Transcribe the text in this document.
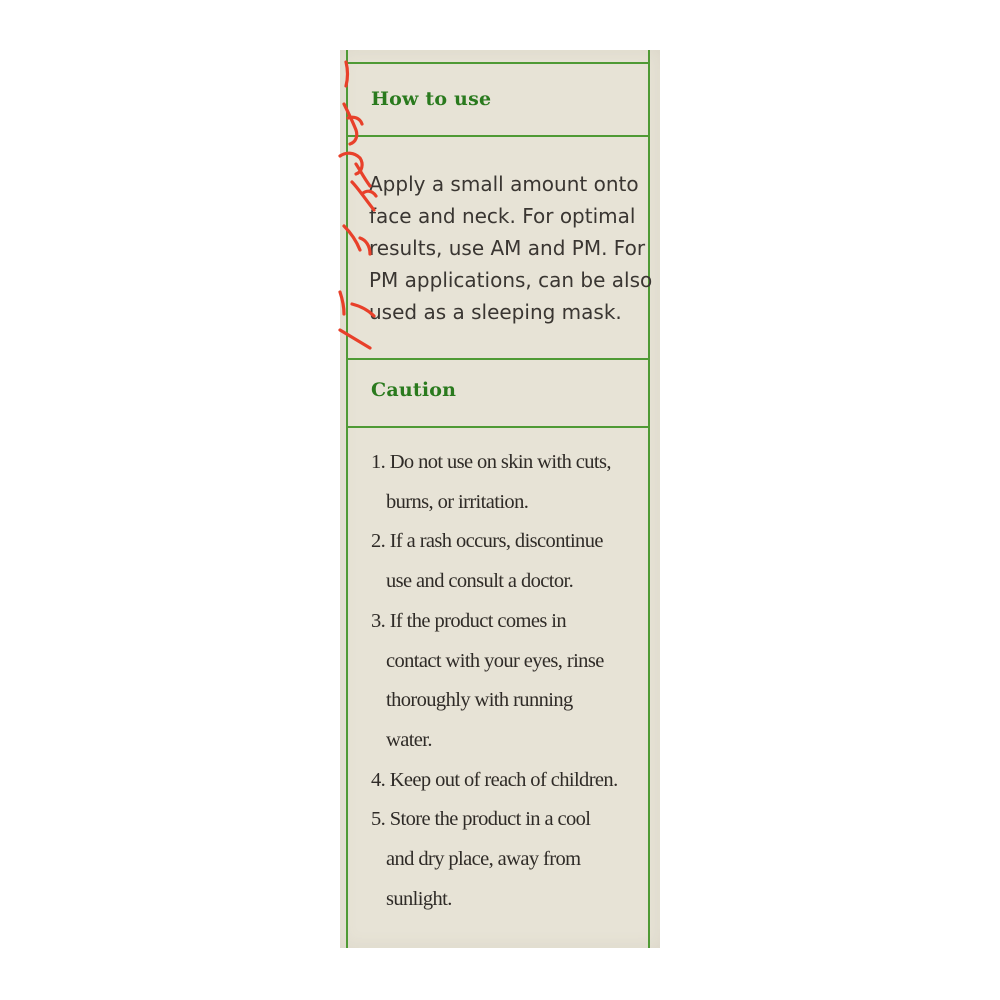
How to use
Apply a small amount onto
face and neck. For optimal
results, use AM and PM. For
PM applications, can be also
used as a sleeping mask.
Caution
1. Do not use on skin with cuts,
burns, or irritation.
2. If a rash occurs, discontinue
use and consult a doctor.
3. If the product comes in
contact with your eyes, rinse
thoroughly with running
water.
4. Keep out of reach of children.
5. Store the product in a cool
and dry place, away from
sunlight.
